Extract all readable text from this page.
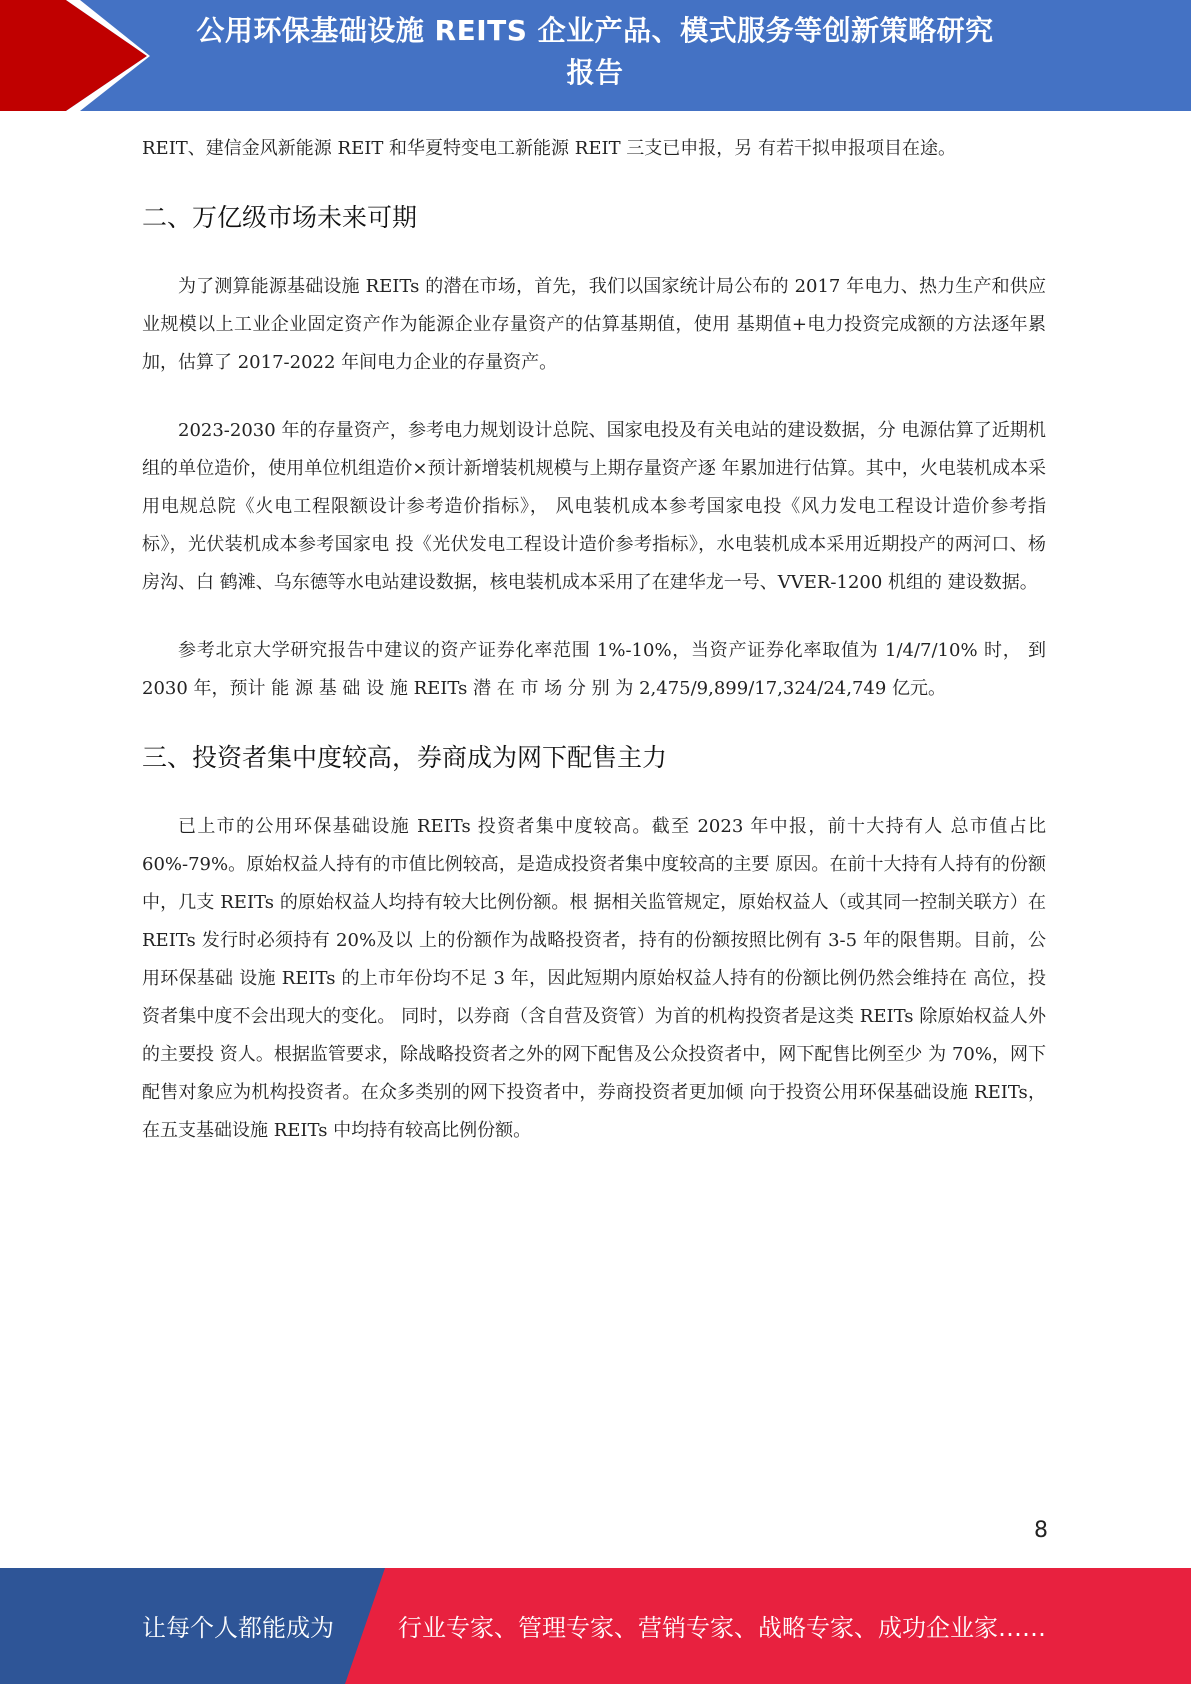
公用环保基础设施 REITS 企业产品、模式服务等创新策略研究
报告

REIT、建信金风新能源 REIT 和华夏特变电工新能源 REIT 三支已申报，另 有若干拟申报项目在途。

二、万亿级市场未来可期

为了测算能源基础设施 REITs 的潜在市场，首先，我们以国家统计局公布的 2017 年电力、热力生产和供应业规模以上工业企业固定资产作为能源企业存量资产的估算基期值，使用 基期值+电力投资完成额的方法逐年累加，估算了 2017-2022 年间电力企业的存量资产。

2023-2030 年的存量资产，参考电力规划设计总院、国家电投及有关电站的建设数据，分 电源估算了近期机组的单位造价，使用单位机组造价×预计新增装机规模与上期存量资产逐 年累加进行估算。其中，火电装机成本采用电规总院《火电工程限额设计参考造价指标》， 风电装机成本参考国家电投《风力发电工程设计造价参考指标》，光伏装机成本参考国家电 投《光伏发电工程设计造价参考指标》，水电装机成本采用近期投产的两河口、杨房沟、白 鹤滩、乌东德等水电站建设数据，核电装机成本采用了在建华龙一号、VVER-1200 机组的 建设数据。

参考北京大学研究报告中建议的资产证券化率范围 1%-10%，当资产证券化率取值为 1/4/7/10% 时， 到 2030 年，预计 能 源 基 础 设 施 REITs 潜 在 市 场 分 别 为 2,475/9,899/17,324/24,749 亿元。

三、投资者集中度较高，券商成为网下配售主力

已上市的公用环保基础设施 REITs 投资者集中度较高。截至 2023 年中报，前十大持有人 总市值占比 60%-79%。原始权益人持有的市值比例较高，是造成投资者集中度较高的主要 原因。在前十大持有人持有的份额中，几支 REITs 的原始权益人均持有较大比例份额。根 据相关监管规定，原始权益人（或其同一控制关联方）在 REITs 发行时必须持有 20%及以 上的份额作为战略投资者，持有的份额按照比例有 3-5 年的限售期。目前，公用环保基础 设施 REITs 的上市年份均不足 3 年，因此短期内原始权益人持有的份额比例仍然会维持在 高位，投资者集中度不会出现大的变化。 同时，以券商（含自营及资管）为首的机构投资者是这类 REITs 除原始权益人外的主要投 资人。根据监管要求，除战略投资者之外的网下配售及公众投资者中，网下配售比例至少 为 70%，网下配售对象应为机构投资者。在众多类别的网下投资者中，券商投资者更加倾 向于投资公用环保基础设施 REITs，在五支基础设施 REITs 中均持有较高比例份额。

8
让每个人都能成为	行业专家、管理专家、营销专家、战略专家、成功企业家……
